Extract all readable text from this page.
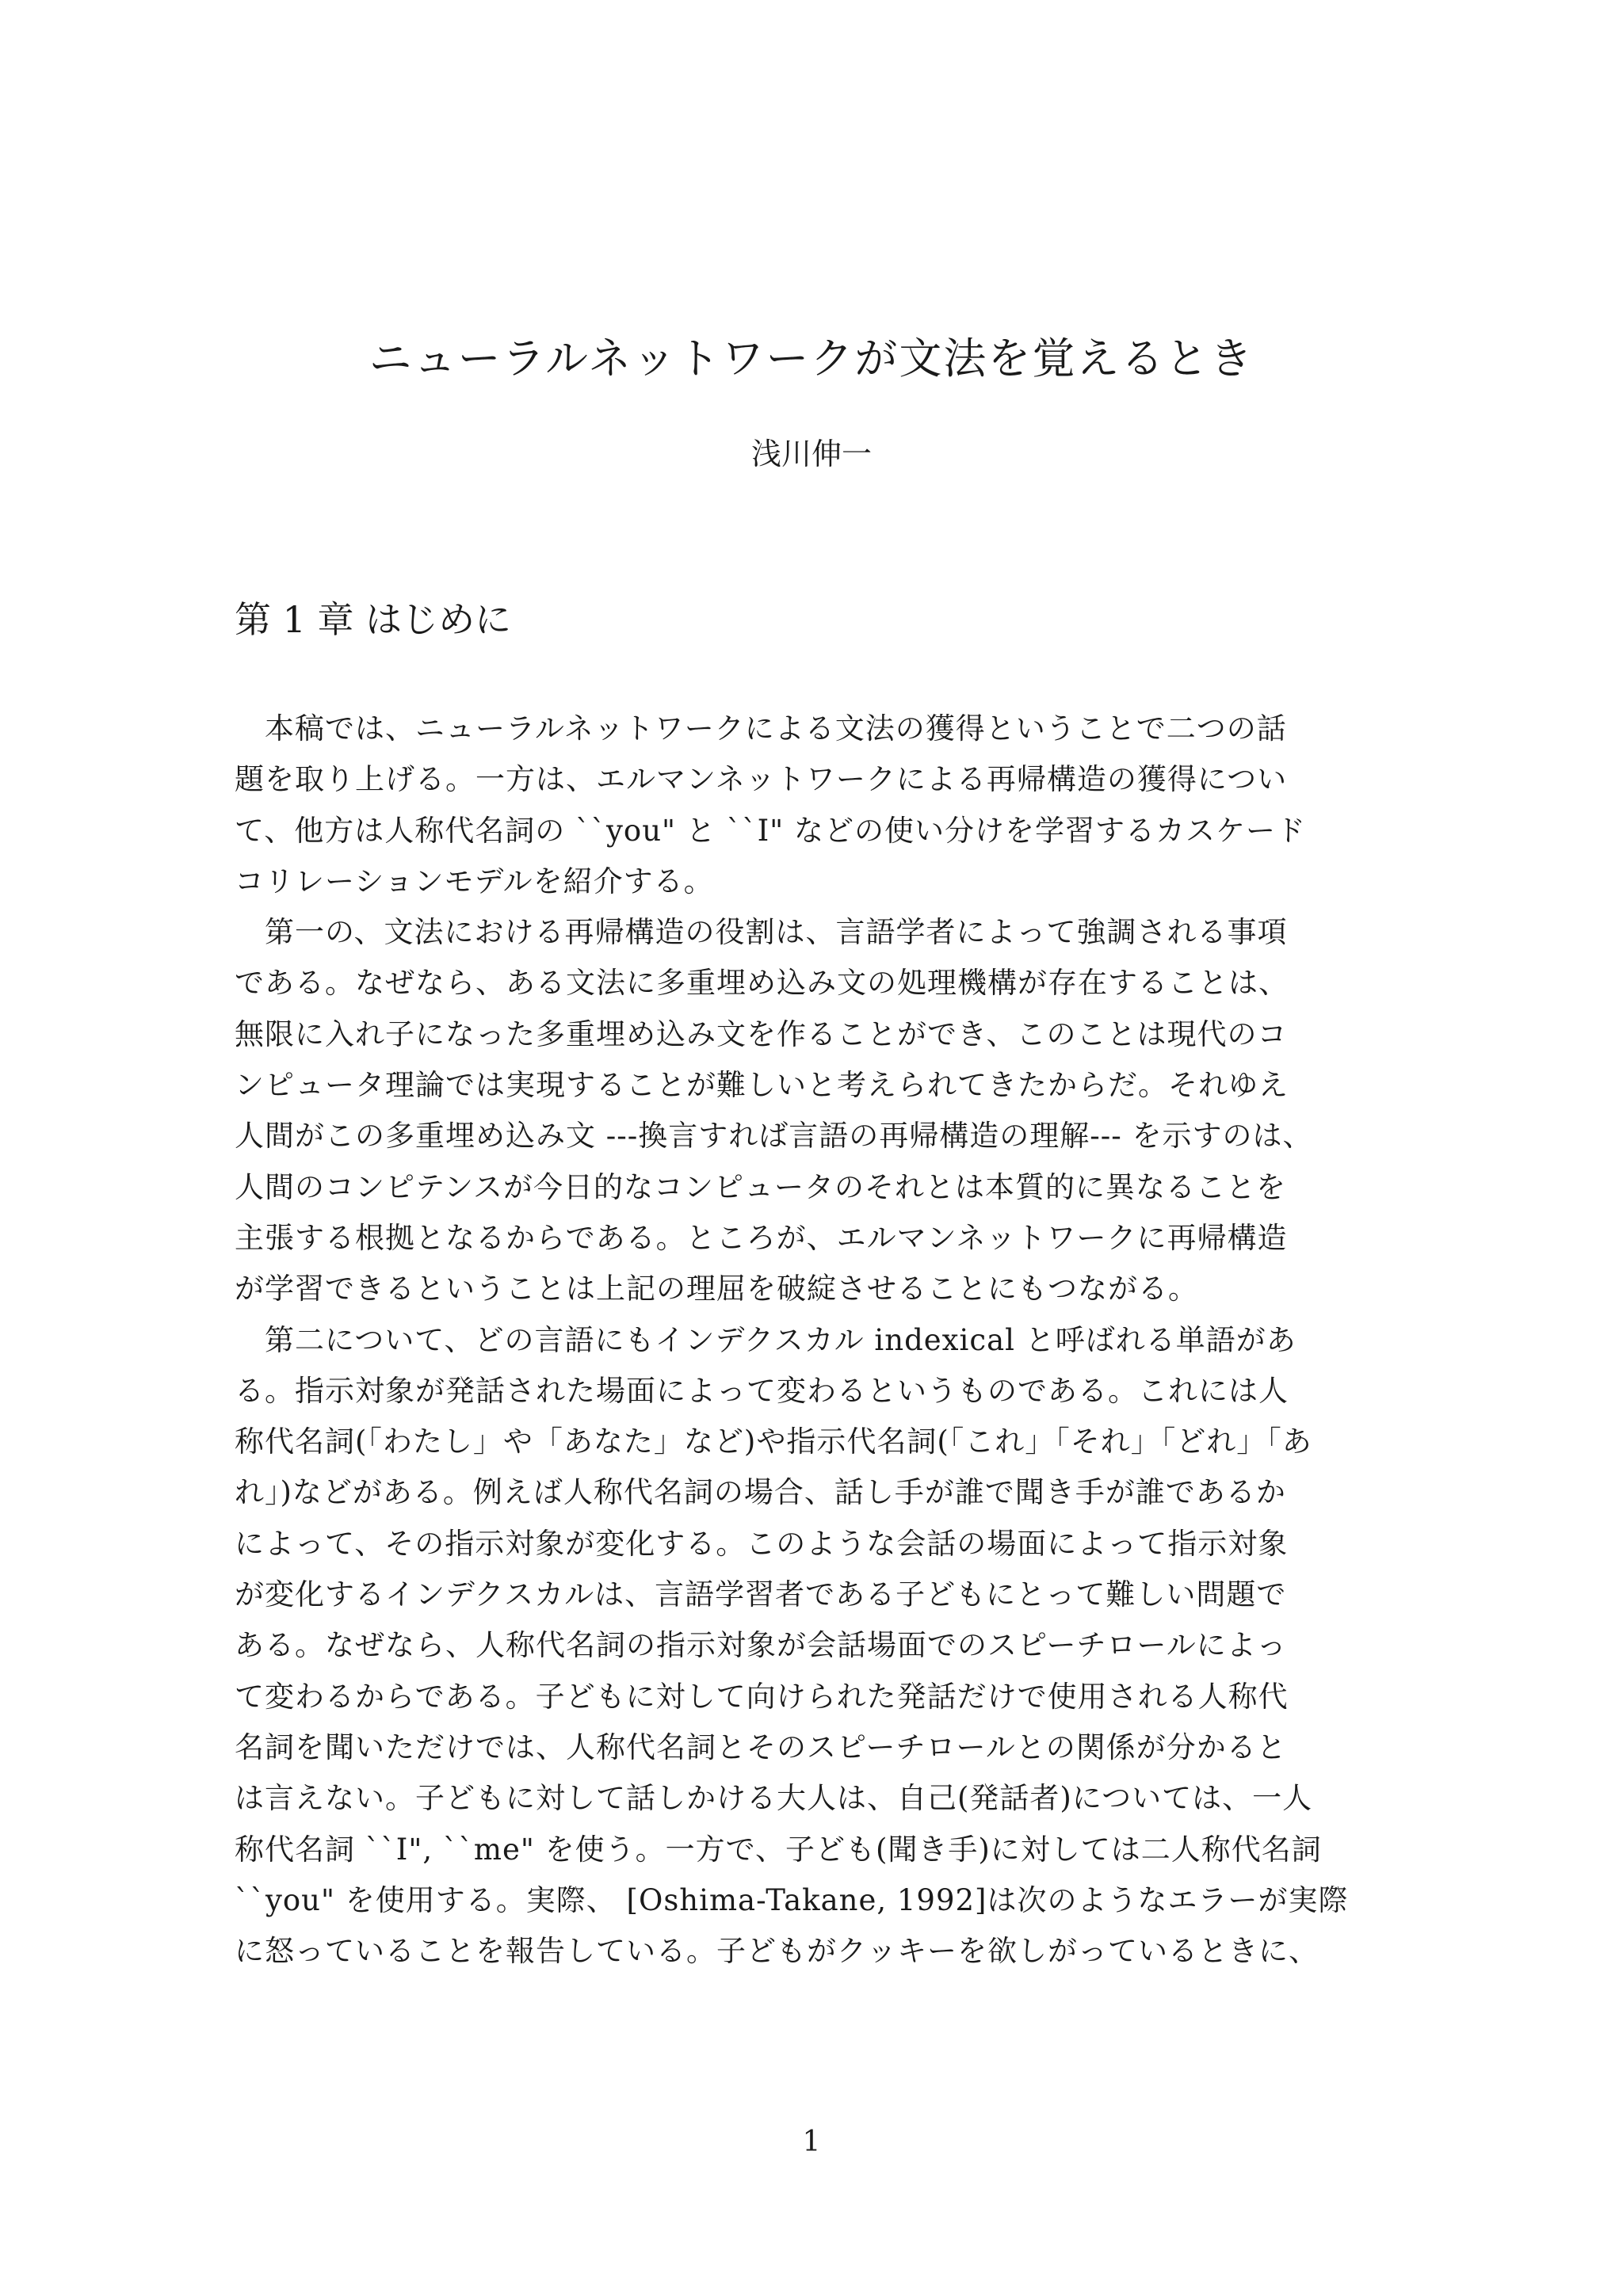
ニューラルネットワークが文法を覚えるとき
浅川伸一
第 1 章 はじめに
　本稿では、ニューラルネットワークによる文法の獲得ということで二つの話
題を取り上げる。一方は、エルマンネットワークによる再帰構造の獲得につい
て、他方は人称代名詞の ``you" と ``I" などの使い分けを学習するカスケード
コリレーションモデルを紹介する。
　第一の、文法における再帰構造の役割は、言語学者によって強調される事項
である。なぜなら、ある文法に多重埋め込み文の処理機構が存在することは、
無限に入れ子になった多重埋め込み文を作ることができ、このことは現代のコ
ンピュータ理論では実現することが難しいと考えられてきたからだ。それゆえ
人間がこの多重埋め込み文 ---換言すれば言語の再帰構造の理解--- を示すのは、
人間のコンピテンスが今日的なコンピュータのそれとは本質的に異なることを
主張する根拠となるからである。ところが、エルマンネットワークに再帰構造
が学習できるということは上記の理屈を破綻させることにもつながる。
　第二について、どの言語にもインデクスカル indexical と呼ばれる単語があ
る。指示対象が発話された場面によって変わるというものである。これには人
称代名詞(「わたし」や「あなた」など)や指示代名詞(「これ」「それ」「どれ」「あ
れ」)などがある。例えば人称代名詞の場合、話し手が誰で聞き手が誰であるか
によって、その指示対象が変化する。このような会話の場面によって指示対象
が変化するインデクスカルは、言語学習者である子どもにとって難しい問題で
ある。なぜなら、人称代名詞の指示対象が会話場面でのスピーチロールによっ
て変わるからである。子どもに対して向けられた発話だけで使用される人称代
名詞を聞いただけでは、人称代名詞とそのスピーチロールとの関係が分かると
は言えない。子どもに対して話しかける大人は、自己(発話者)については、一人
称代名詞 ``I", ``me" を使う。一方で、子ども(聞き手)に対しては二人称代名詞
``you" を使用する。実際、 [Oshima-Takane, 1992]は次のようなエラーが実際
に怒っていることを報告している。子どもがクッキーを欲しがっているときに、
1
